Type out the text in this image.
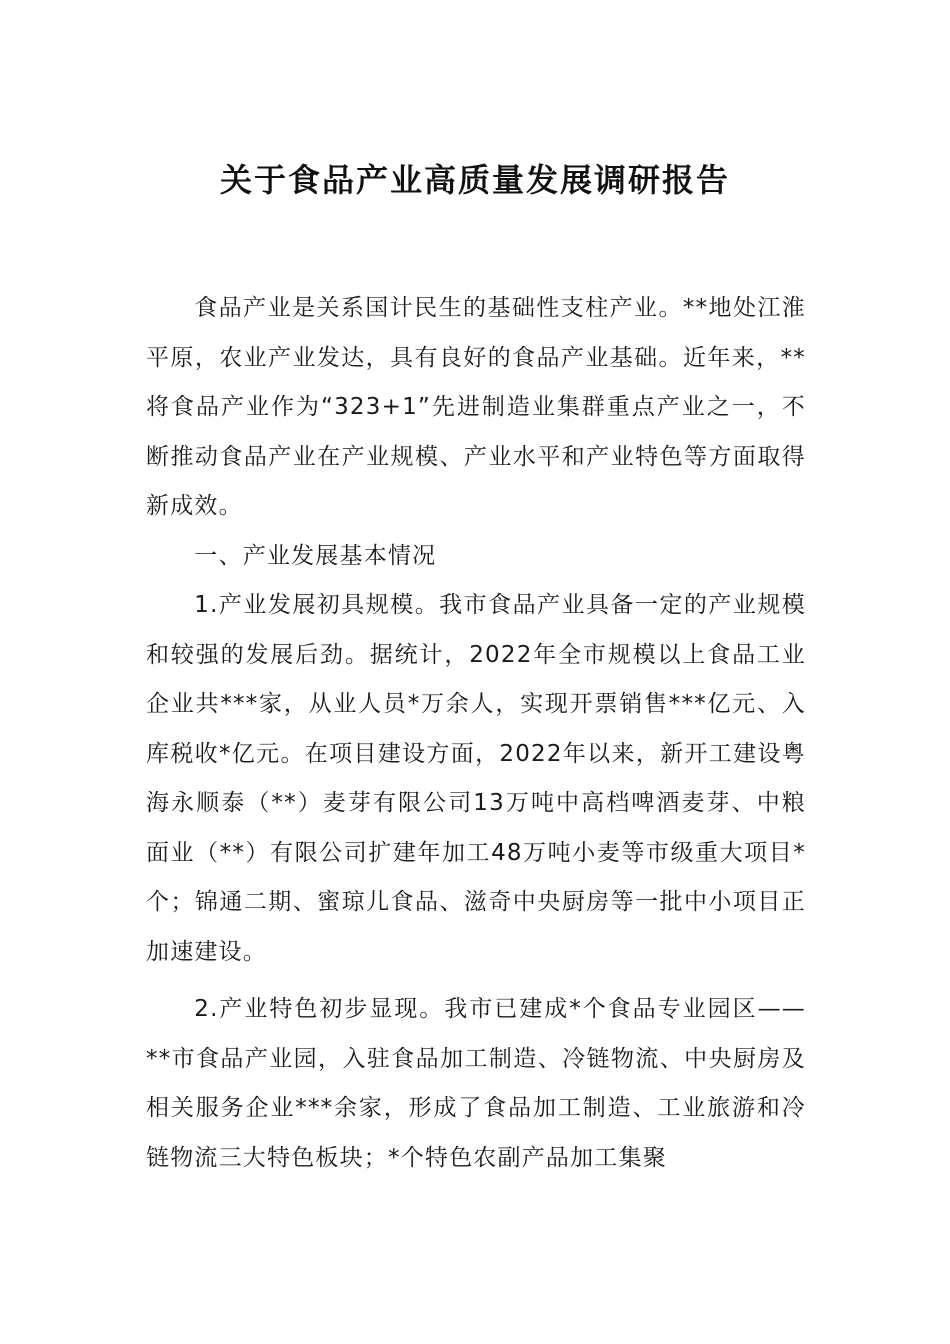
关于食品产业高质量发展调研报告

食品产业是关系国计民生的基础性支柱产业。**地处江淮平原，农业产业发达，具有良好的食品产业基础。近年来，**将食品产业作为“323+1”先进制造业集群重点产业之一，不断推动食品产业在产业规模、产业水平和产业特色等方面取得新成效。

一、产业发展基本情况

1.产业发展初具规模。我市食品产业具备一定的产业规模和较强的发展后劲。据统计，2022年全市规模以上食品工业企业共***家，从业人员*万余人，实现开票销售***亿元、入库税收*亿元。在项目建设方面，2022年以来，新开工建设粤海永顺泰（**）麦芽有限公司13万吨中高档啤酒麦芽、中粮面业（**）有限公司扩建年加工48万吨小麦等市级重大项目*个；锦通二期、蜜琼儿食品、滋奇中央厨房等一批中小项目正加速建设。

2.产业特色初步显现。我市已建成*个食品专业园区——**市食品产业园，入驻食品加工制造、冷链物流、中央厨房及相关服务企业***余家，形成了食品加工制造、工业旅游和冷链物流三大特色板块；*个特色农副产品加工集聚
